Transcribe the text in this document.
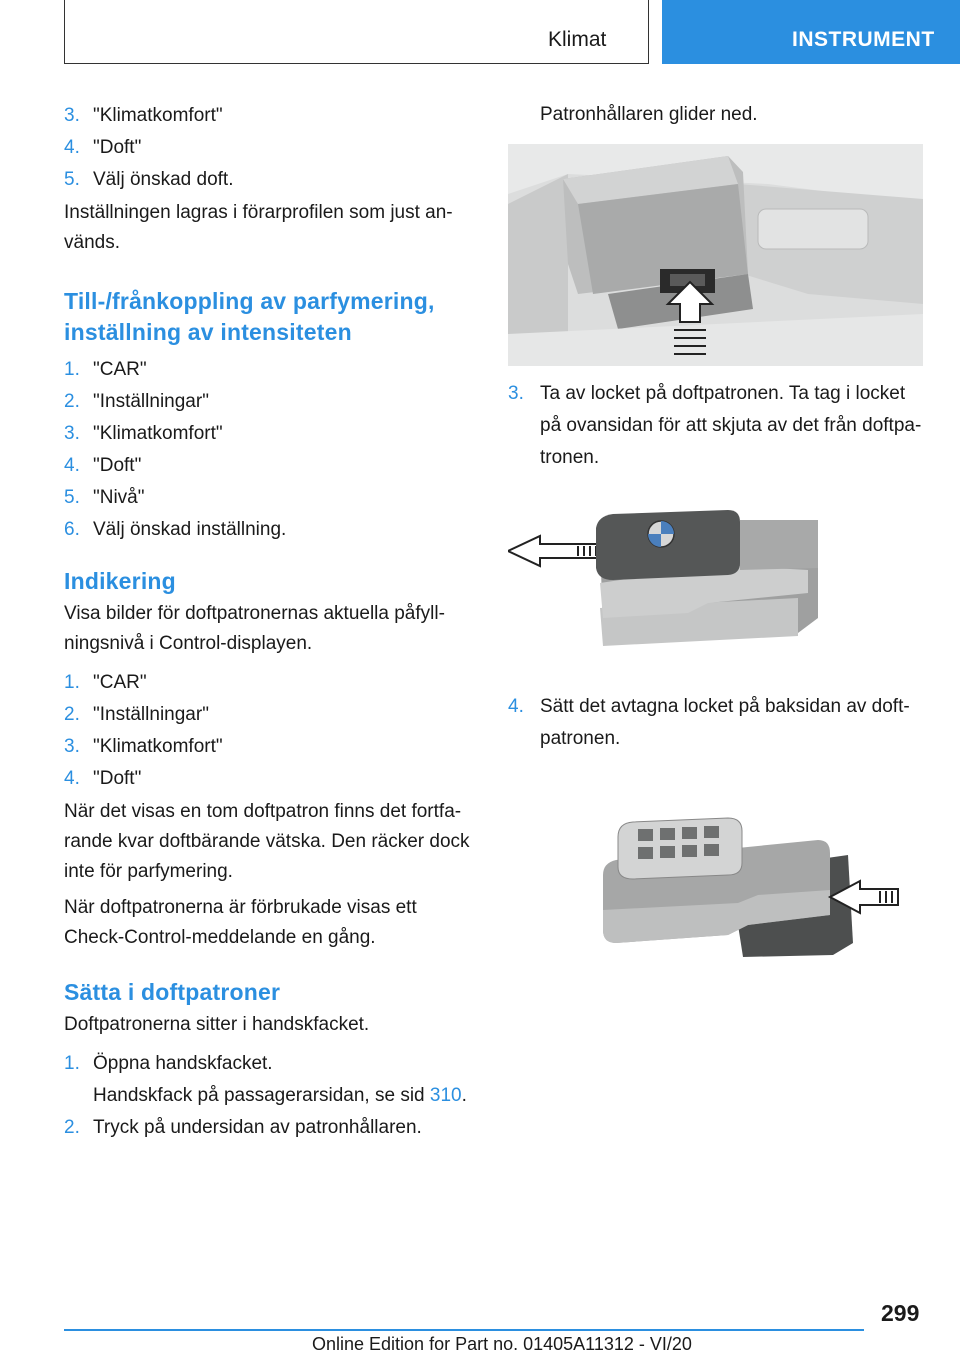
Klimat	INSTRUMENT
3. "Klimatkomfort"
4. "Doft"
5. Välj önskad doft.

Inställningen lagras i förarprofilen som just an-vänds.

Till-/frånkoppling av parfymering, inställning av intensiteten
1. "CAR"
2. "Inställningar"
3. "Klimatkomfort"
4. "Doft"
5. "Nivå"
6. Välj önskad inställning.
Indikering

Visa bilder för doftpatronernas aktuella påfyll-ningsnivå i Control-displayen.

1. "CAR"
2. "Inställningar"
3. "Klimatkomfort"
4. "Doft"

När det visas en tom doftpatron finns det fortfa-rande kvar doftbärande vätska. Den räcker dock inte för parfymering.

När doftpatronerna är förbrukade visas ett Check-Control-meddelande en gång.

Sätta i doftpatroner

Doftpatronerna sitter i handskfacket.

1. Öppna handskfacket.
Handskfack på passagerarsidan, se sid 310.
2. Tryck på undersidan av patronhållaren.

Patronhållaren glider ned.

3. Ta av locket på doftpatronen. Ta tag i locket på ovansidan för att skjuta av det från doftpa-tronen.
4. Sätt det avtagna locket på baksidan av doft-patronen.
299
Online Edition for Part no. 01405A11312 - VI/20
